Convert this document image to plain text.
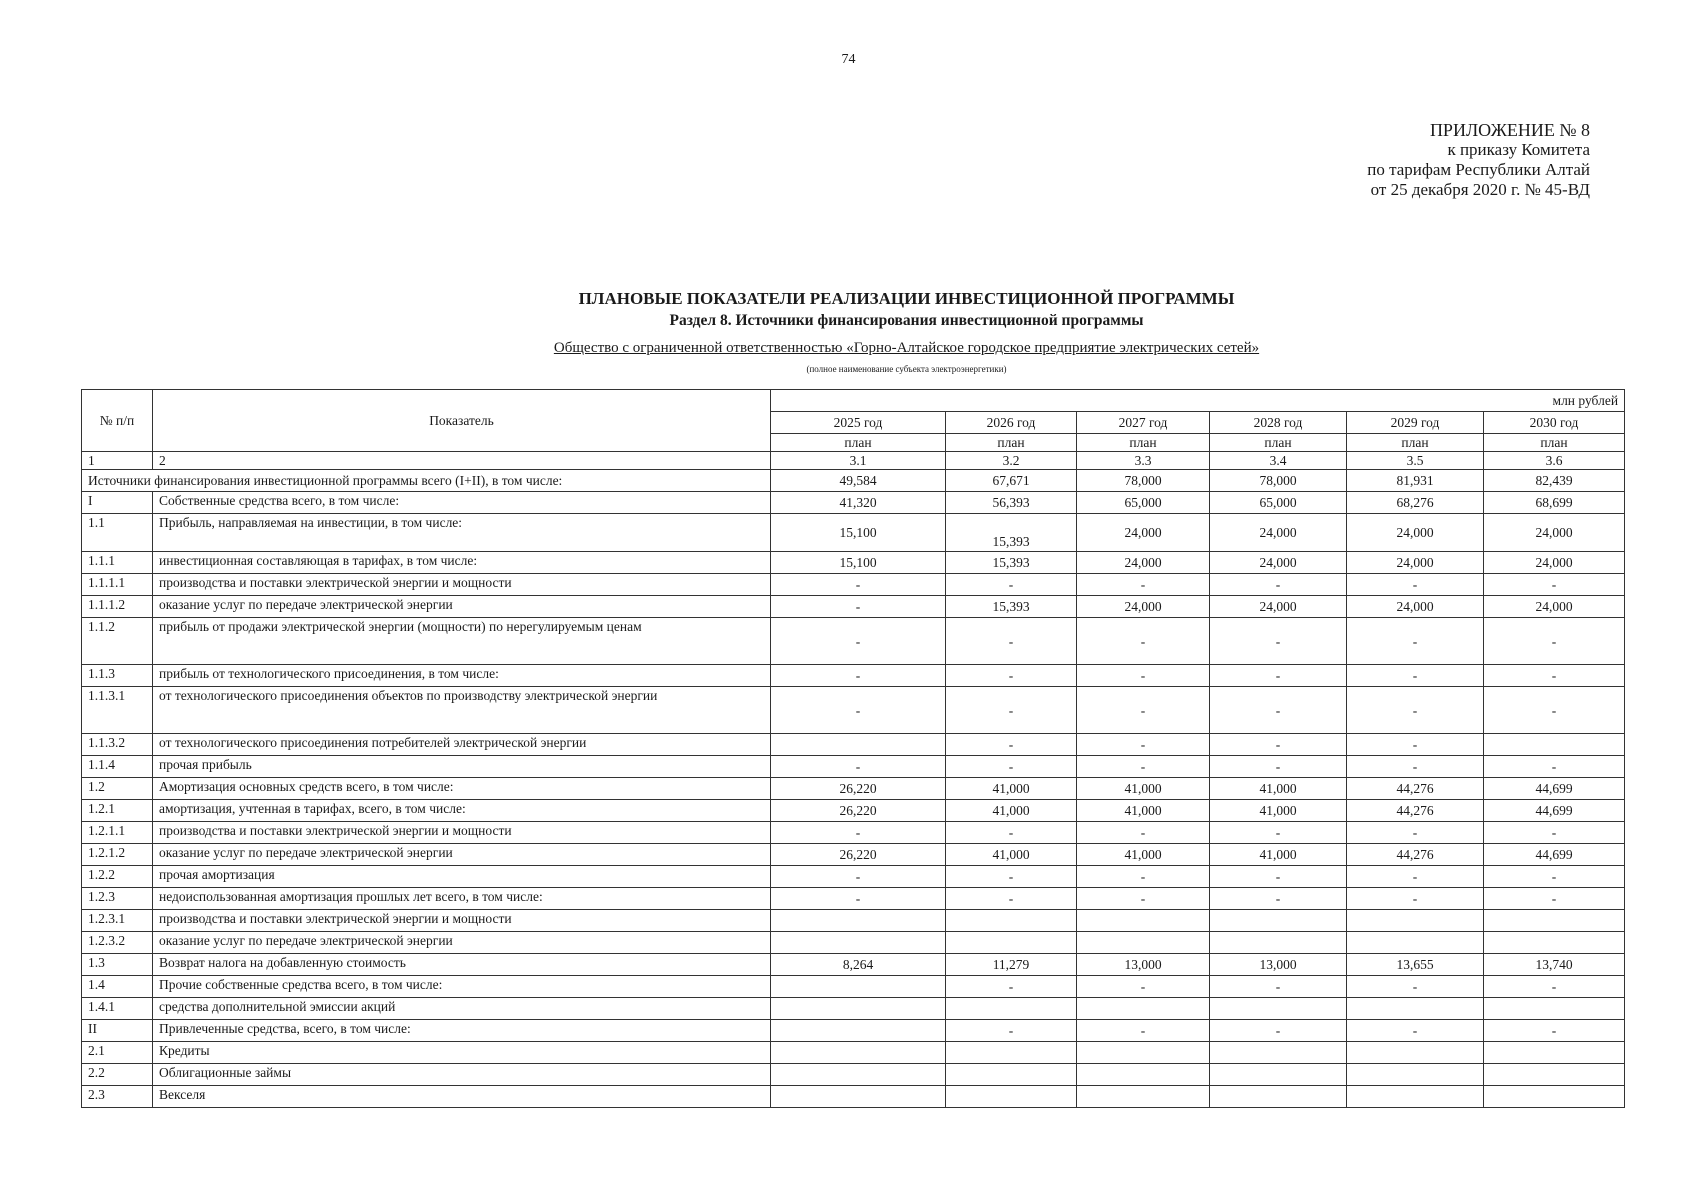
74
ПРИЛОЖЕНИЕ № 8
к приказу Комитета
по тарифам Республики Алтай
от 25 декабря 2020 г. № 45-ВД
ПЛАНОВЫЕ ПОКАЗАТЕЛИ РЕАЛИЗАЦИИ ИНВЕСТИЦИОННОЙ ПРОГРАММЫ
Раздел 8. Источники финансирования инвестиционной программы
Общество с ограниченной ответственностью «Горно-Алтайское городское предприятие электрических сетей»
(полное наименование субъекта электроэнергетики)
№ п/п	Показатель	млн рублей					
		2025 год	2026 год	2027 год	2028 год	2029 год	2030 год
		план	план	план	план	план	план
1	2	3.1	3.2	3.3	3.4	3.5	3.6
Источники финансирования инвестиционной программы всего (I+II), в том числе:		49,584	67,671	78,000	78,000	81,931	82,439
I	Собственные средства всего, в том числе:	41,320	56,393	65,000	65,000	68,276	68,699
1.1	Прибыль, направляемая на инвестиции, в том числе:	15,100	15,393	24,000	24,000	24,000	24,000
1.1.1	инвестиционная составляющая в тарифах, в том числе:	15,100	15,393	24,000	24,000	24,000	24,000
1.1.1.1	производства и поставки электрической энергии и мощности	-	-	-	-	-	-
1.1.1.2	оказание услуг по передаче электрической энергии	-	15,393	24,000	24,000	24,000	24,000
1.1.2	прибыль от продажи электрической энергии (мощности) по нерегулируемым ценам	-	-	-	-	-	-
1.1.3	прибыль от технологического присоединения, в том числе:	-	-	-	-	-	-
1.1.3.1	от технологического присоединения объектов по производству электрической энергии	-	-	-	-	-	-
1.1.3.2	от технологического присоединения потребителей электрической энергии		-	-	-	-	
1.1.4	прочая прибыль	-	-	-	-	-	-
1.2	Амортизация основных средств всего, в том числе:	26,220	41,000	41,000	41,000	44,276	44,699
1.2.1	амортизация, учтенная в тарифах, всего, в том числе:	26,220	41,000	41,000	41,000	44,276	44,699
1.2.1.1	производства и поставки электрической энергии и мощности	-	-	-	-	-	-
1.2.1.2	оказание услуг по передаче электрической энергии	26,220	41,000	41,000	41,000	44,276	44,699
1.2.2	прочая амортизация	-	-	-	-	-	-
1.2.3	недоиспользованная амортизация прошлых лет всего, в том числе:	-	-	-	-	-	-
1.2.3.1	производства и поставки электрической энергии и мощности						
1.2.3.2	оказание услуг по передаче электрической энергии						
1.3	Возврат налога на добавленную стоимость	8,264	11,279	13,000	13,000	13,655	13,740
1.4	Прочие собственные средства всего, в том числе:		-	-	-	-	-
1.4.1	средства дополнительной эмиссии акций						
II	Привлеченные средства, всего, в том числе:		-	-	-	-	-
2.1	Кредиты						
2.2	Облигационные займы						
2.3	Векселя						
